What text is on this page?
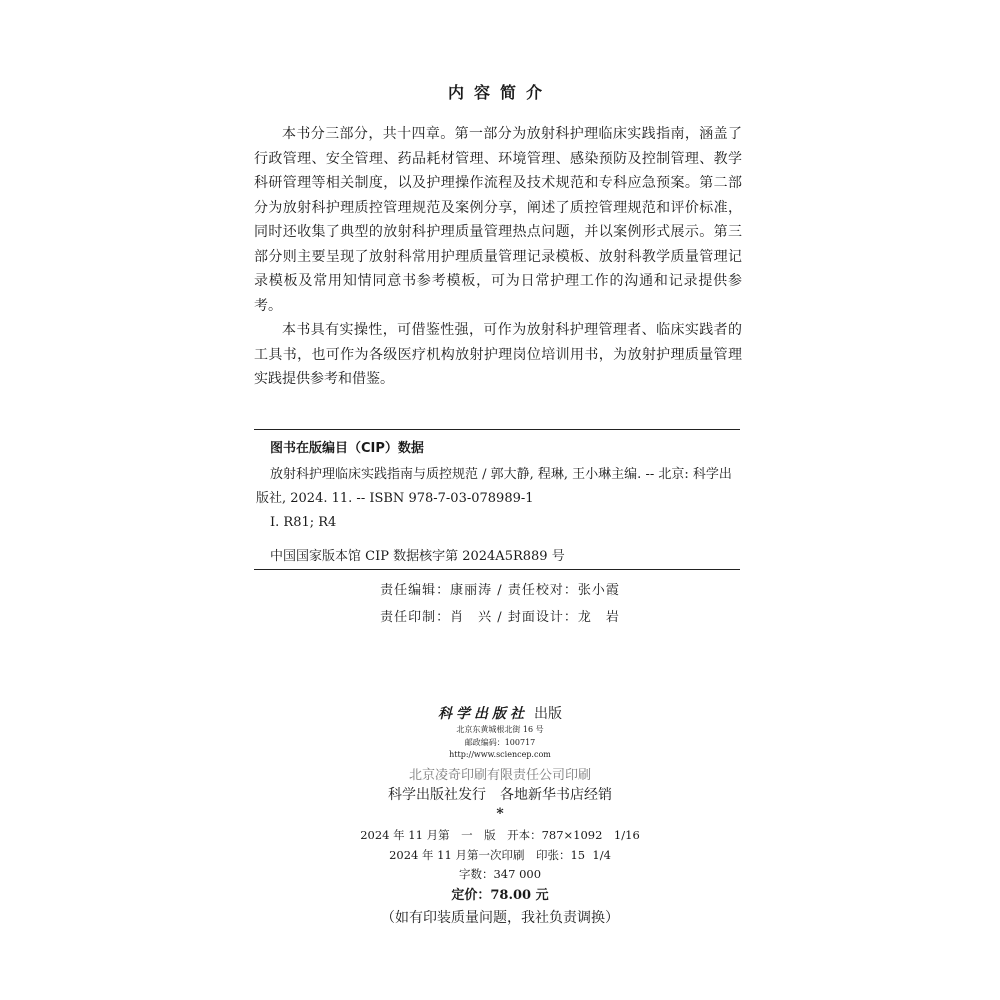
内容简介

本书分三部分，共十四章。第一部分为放射科护理临床实践指南，涵盖了行政管理、安全管理、药品耗材管理、环境管理、感染预防及控制管理、教学科研管理等相关制度，以及护理操作流程及技术规范和专科应急预案。第二部分为放射科护理质控管理规范及案例分享，阐述了质控管理规范和评价标准，同时还收集了典型的放射科护理质量管理热点问题，并以案例形式展示。第三部分则主要呈现了放射科常用护理质量管理记录模板、放射科教学质量管理记录模板及常用知情同意书参考模板，可为日常护理工作的沟通和记录提供参考。

本书具有实操性，可借鉴性强，可作为放射科护理管理者、临床实践者的工具书，也可作为各级医疗机构放射护理岗位培训用书，为放射护理质量管理实践提供参考和借鉴。

图书在版编目（CIP）数据
放射科护理临床实践指南与质控规范 / 郭大静, 程琳, 王小琳主编. -- 北京: 科学出版社, 2024. 11. -- ISBN 978-7-03-078989-1
Ⅰ. R81; R4
中国国家版本馆 CIP 数据核字第 2024A5R889 号
责任编辑：康丽涛 / 责任校对：张小霞
责任印制：肖　兴 / 封面设计：龙　岩
科学出版社 出版
北京东黄城根北街 16 号
邮政编码：100717
http://www.sciencep.com
北京凌奇印刷有限责任公司印刷
科学出版社发行　各地新华书店经销
*
2024 年 11 月第　一　版　开本：787×1092　1/16
2024 年 11 月第一次印刷　印张：15  1/4
字数：347 000
定价：78.00 元
（如有印装质量问题，我社负责调换）
